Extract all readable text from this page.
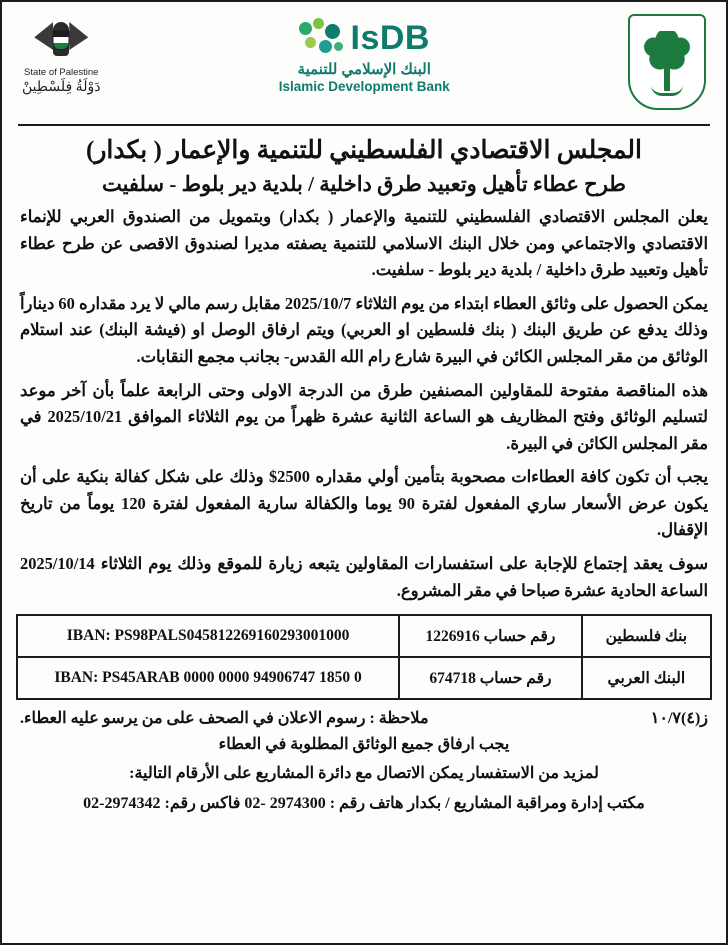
IsDB
البنك الإسلامي للتنمية
Islamic Development Bank
State of Palestine
دَوْلَةُ فِلَسْطِينْ
المجلس الاقتصادي الفلسطيني للتنمية والإعمار ( بكدار)
طرح عطاء تأهيل وتعبيد طرق داخلية / بلدية دير بلوط - سلفيت

يعلن المجلس الاقتصادي الفلسطيني للتنمية والإعمار ( بكدار) وبتمويل من الصندوق العربي للإنماء الاقتصادي والاجتماعي ومن خلال البنك الاسلامي للتنمية يصفته مديرا لصندوق الاقصى عن طرح عطاء تأهيل وتعبيد طرق داخلية / بلدية دير بلوط - سلفيت.

يمكن الحصول على وثائق العطاء ابتداء من يوم الثلاثاء 2025/10/7 مقابل رسم مالي لا يرد مقداره 60 ديناراً وذلك يدفع عن طريق البنك ( بنك فلسطين او العربي) ويتم ارفاق الوصل او (فيشة البنك) عند استلام الوثائق من مقر المجلس الكائن في البيرة شارع رام الله القدس- بجانب مجمع النقابات.

هذه المناقصة مفتوحة للمقاولين المصنفين طرق من الدرجة الاولى وحتى الرابعة علماً بأن آخر موعد لتسليم الوثائق وفتح المظاريف هو الساعة الثانية عشرة ظهراً من يوم الثلاثاء الموافق 2025/10/21 في مقر المجلس الكائن في البيرة.

يجب أن تكون كافة العطاءات مصحوبة بتأمين أولي مقداره 2500$ وذلك على شكل كفالة بنكية على أن يكون عرض الأسعار ساري المفعول لفترة 90 يوما والكفالة سارية المفعول لفترة 120 يوماً من تاريخ الإقفال.

سوف يعقد إجتماع للإجابة على استفسارات المقاولين يتبعه زيارة للموقع وذلك يوم الثلاثاء 2025/10/14 الساعة الحادية عشرة صباحا في مقر المشروع.

بنك فلسطين	رقم حساب 1226916	IBAN: PS98PALS045812269160293001000
البنك العربي	رقم حساب 674718	IBAN: PS45ARAB 0000 0000 94906747 1850 0
ز(٤)١٠/٧
ملاحظة : رسوم الاعلان في الصحف على من يرسو عليه العطاء.

يجب ارفاق جميع الوثائق المطلوبة في العطاء

لمزيد من الاستفسار يمكن الاتصال مع دائرة المشاريع على الأرقام التالية:

مكتب إدارة ومراقبة المشاريع / بكدار هاتف رقم : 2974300 -02 فاكس رقم: 2974342-02
